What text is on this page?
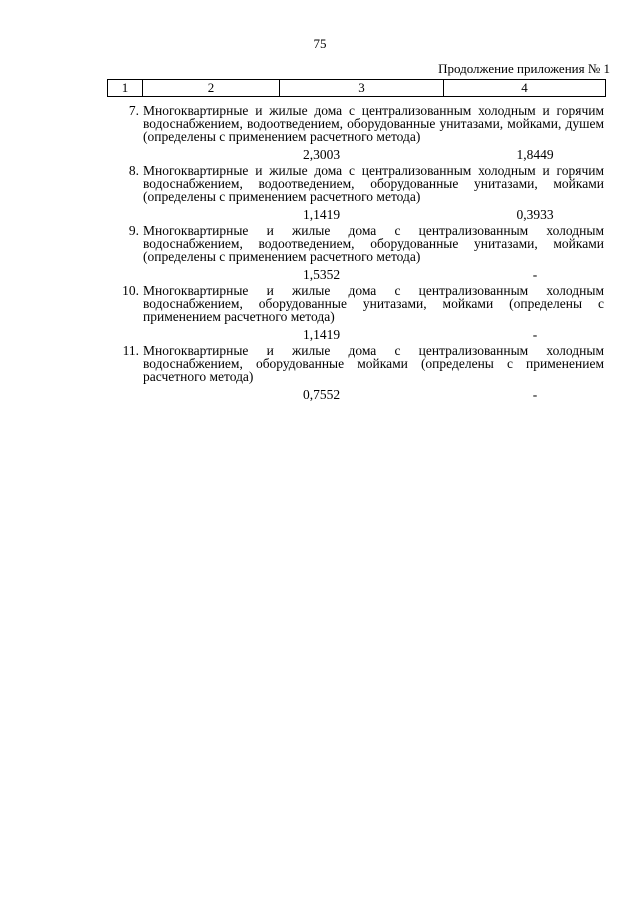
75
Продолжение приложения № 1
1	2	3	4
7. Многоквартирные и жилые дома с централизованным холодным и горячим водоснабжением, водоотведением, оборудованные унитазами, мойками, душем (определены с применением расчетного метода)
2,3003	1,8449
8. Многоквартирные и жилые дома с централизованным холодным и горячим водоснабжением, водоотведением, оборудованные унитазами, мойками (определены с применением расчетного метода)
1,1419	0,3933
9. Многоквартирные и жилые дома с централизованным холодным водоснабжением, водоотведением, оборудованные унитазами, мойками (определены с применением расчетного метода)
1,5352	-
10. Многоквартирные и жилые дома с централизованным холодным водоснабжением, оборудованные унитазами, мойками (определены с применением расчетного метода)
1,1419	-
11. Многоквартирные и жилые дома с централизованным холодным водоснабжением, оборудованные мойками (определены с применением расчетного метода)
0,7552	-
